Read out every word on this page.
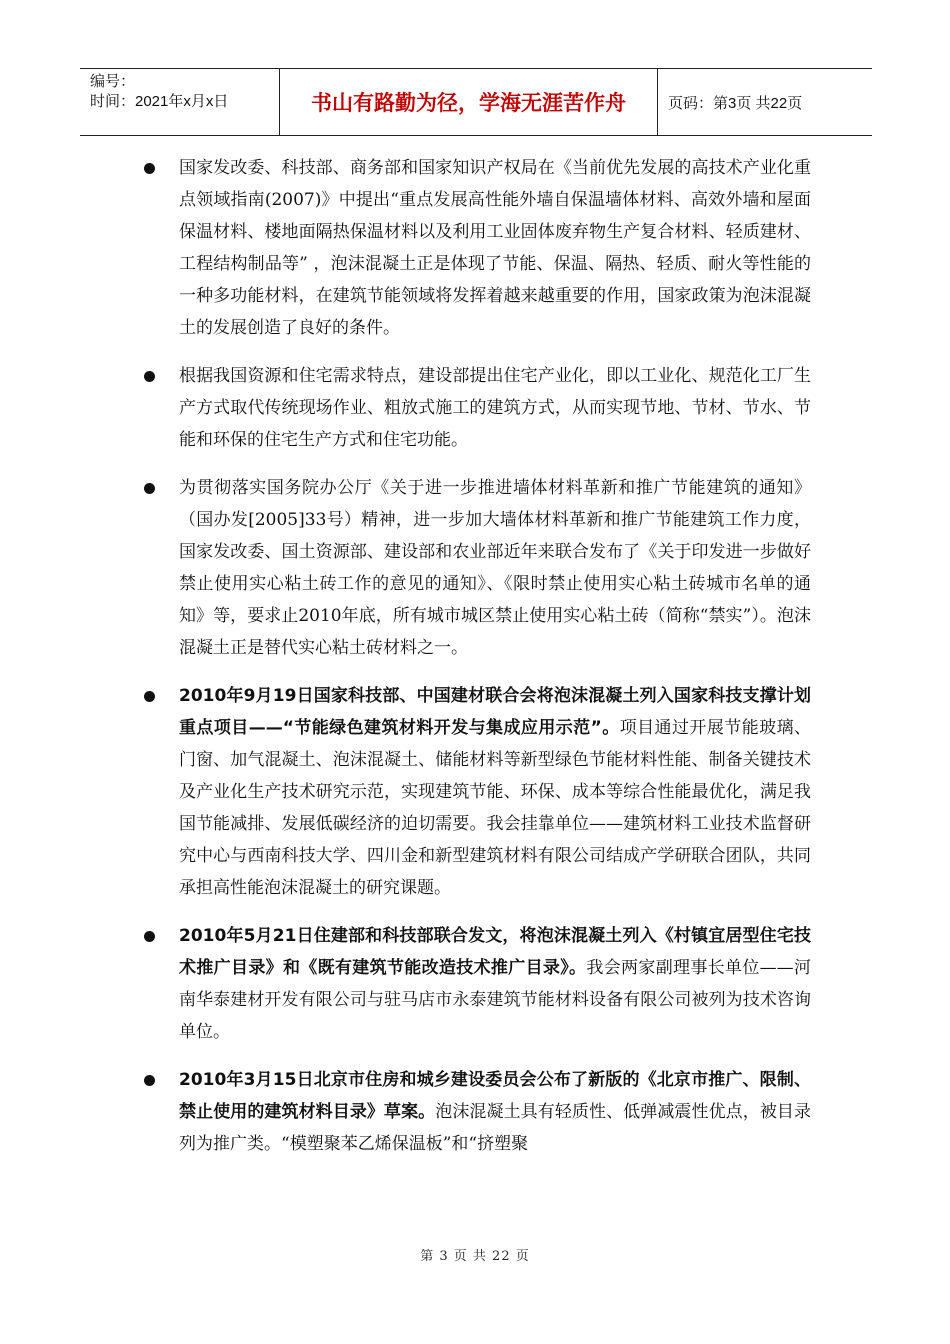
编号：
时间：2021年x月x日	书山有路勤为径，学海无涯苦作舟	页码：第3页 共22页

国家发改委、科技部、商务部和国家知识产权局在《当前优先发展的高技术产业化重点领域指南(2007)》中提出“重点发展高性能外墙自保温墙体材料、高效外墙和屋面保温材料、楼地面隔热保温材料以及利用工业固体废弃物生产复合材料、轻质建材、工程结构制品等” ，泡沫混凝土正是体现了节能、保温、隔热、轻质、耐火等性能的一种多功能材料，在建筑节能领域将发挥着越来越重要的作用，国家政策为泡沫混凝土的发展创造了良好的条件。

根据我国资源和住宅需求特点，建设部提出住宅产业化，即以工业化、规范化工厂生产方式取代传统现场作业、粗放式施工的建筑方式，从而实现节地、节材、节水、节能和环保的住宅生产方式和住宅功能。

为贯彻落实国务院办公厅《关于进一步推进墙体材料革新和推广节能建筑的通知》（国办发[2005]33号）精神，进一步加大墙体材料革新和推广节能建筑工作力度，国家发改委、国土资源部、建设部和农业部近年来联合发布了《关于印发进一步做好禁止使用实心粘土砖工作的意见的通知》、《限时禁止使用实心粘土砖城市名单的通知》等，要求止2010年底，所有城市城区禁止使用实心粘土砖（简称“禁实”）。泡沫混凝土正是替代实心粘土砖材料之一。

2010年9月19日国家科技部、中国建材联合会将泡沫混凝土列入国家科技支撑计划重点项目——“节能绿色建筑材料开发与集成应用示范”。项目通过开展节能玻璃、门窗、加气混凝土、泡沫混凝土、储能材料等新型绿色节能材料性能、制备关键技术及产业化生产技术研究示范，实现建筑节能、环保、成本等综合性能最优化，满足我国节能减排、发展低碳经济的迫切需要。我会挂靠单位——建筑材料工业技术监督研究中心与西南科技大学、四川金和新型建筑材料有限公司结成产学研联合团队，共同承担高性能泡沫混凝土的研究课题。

2010年5月21日住建部和科技部联合发文，将泡沫混凝土列入《村镇宜居型住宅技术推广目录》和《既有建筑节能改造技术推广目录》。我会两家副理事长单位——河南华泰建材开发有限公司与驻马店市永泰建筑节能材料设备有限公司被列为技术咨询单位。

2010年3月15日北京市住房和城乡建设委员会公布了新版的《北京市推广、限制、禁止使用的建筑材料目录》草案。泡沫混凝土具有轻质性、低弹减震性优点，被目录列为推广类。“模塑聚苯乙烯保温板”和“挤塑聚

第 3 页 共 22 页
